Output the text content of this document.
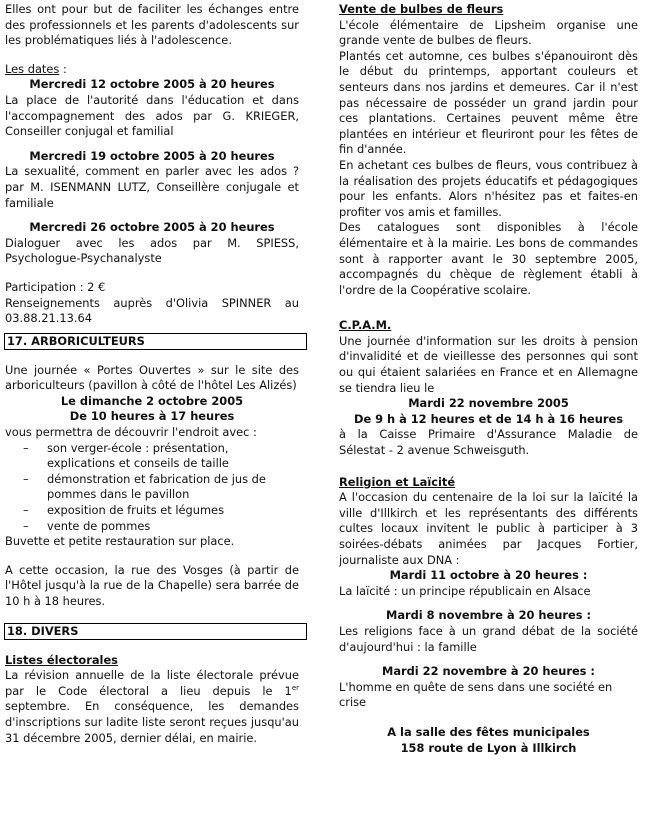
Elles ont pour but de faciliter les échanges entre des professionnels et les parents d'adolescents sur les problématiques liés à l'adolescence.

Les dates :

Mercredi 12 octobre 2005 à 20 heures

La place de l'autorité dans l'éducation et dans l'accompagnement des ados par G. KRIEGER, Conseiller conjugal et familial

Mercredi 19 octobre 2005 à 20 heures

La sexualité, comment en parler avec les ados ? par M. ISENMANN LUTZ, Conseillère conjugale et familiale

Mercredi 26 octobre 2005 à 20 heures

Dialoguer avec les ados par M. SPIESS, Psychologue-Psychanalyste

Participation : 2 €

Renseignements auprès d'Olivia SPINNER au 03.88.21.13.64

17. ARBORICULTEURS

Une journée « Portes Ouvertes » sur le site des arboriculteurs (pavillon à côté de l'hôtel Les Alizés)

Le dimanche 2 octobre 2005

De 10 heures à 17 heures

vous permettra de découvrir l'endroit avec :

– son verger-école : présentation, explications et conseils de taille
– démonstration et fabrication de jus de pommes dans le pavillon
– exposition de fruits et légumes
– vente de pommes

Buvette et petite restauration sur place.

A cette occasion, la rue des Vosges (à partir de l'Hôtel jusqu'à la rue de la Chapelle) sera barrée de 10 h à 18 heures.

18. DIVERS

Listes électorales

La révision annuelle de la liste électorale prévue par le Code électoral a lieu depuis le 1er septembre. En conséquence, les demandes d'inscriptions sur ladite liste seront reçues jusqu'au 31 décembre 2005, dernier délai, en mairie.

Vente de bulbes de fleurs

L'école élémentaire de Lipsheim organise une grande vente de bulbes de fleurs.

Plantés cet automne, ces bulbes s'épanouiront dès le début du printemps, apportant couleurs et senteurs dans nos jardins et demeures. Car il n'est pas nécessaire de posséder un grand jardin pour ces plantations. Certaines peuvent même être plantées en intérieur et fleuriront pour les fêtes de fin d'année.

En achetant ces bulbes de fleurs, vous contribuez à la réalisation des projets éducatifs et pédagogiques pour les enfants. Alors n'hésitez pas et faites-en profiter vos amis et familles.

Des catalogues sont disponibles à l'école élémentaire et à la mairie. Les bons de commandes sont à rapporter avant le 30 septembre 2005, accompagnés du chèque de règlement établi à l'ordre de la Coopérative scolaire.

C.P.A.M.

Une journée d'information sur les droits à pension d'invalidité et de vieillesse des personnes qui sont ou qui étaient salariées en France et en Allemagne se tiendra lieu le

Mardi 22 novembre 2005

De 9 h à 12 heures et de 14 h à 16 heures

à la Caisse Primaire d'Assurance Maladie de Sélestat - 2 avenue Schweisguth.

Religion et Laïcité

A l'occasion du centenaire de la loi sur la laïcité la ville d'Illkirch et les représentants des différents cultes locaux invitent le public à participer à 3 soirées-débats animées par Jacques Fortier, journaliste aux DNA :

Mardi 11 octobre à 20 heures :

La laïcité : un principe républicain en Alsace

Mardi 8 novembre à 20 heures :

Les religions face à un grand débat de la société d'aujourd'hui : la famille

Mardi 22 novembre à 20 heures :

L'homme en quête de sens dans une société en crise

A la salle des fêtes municipales

158 route de Lyon à Illkirch
